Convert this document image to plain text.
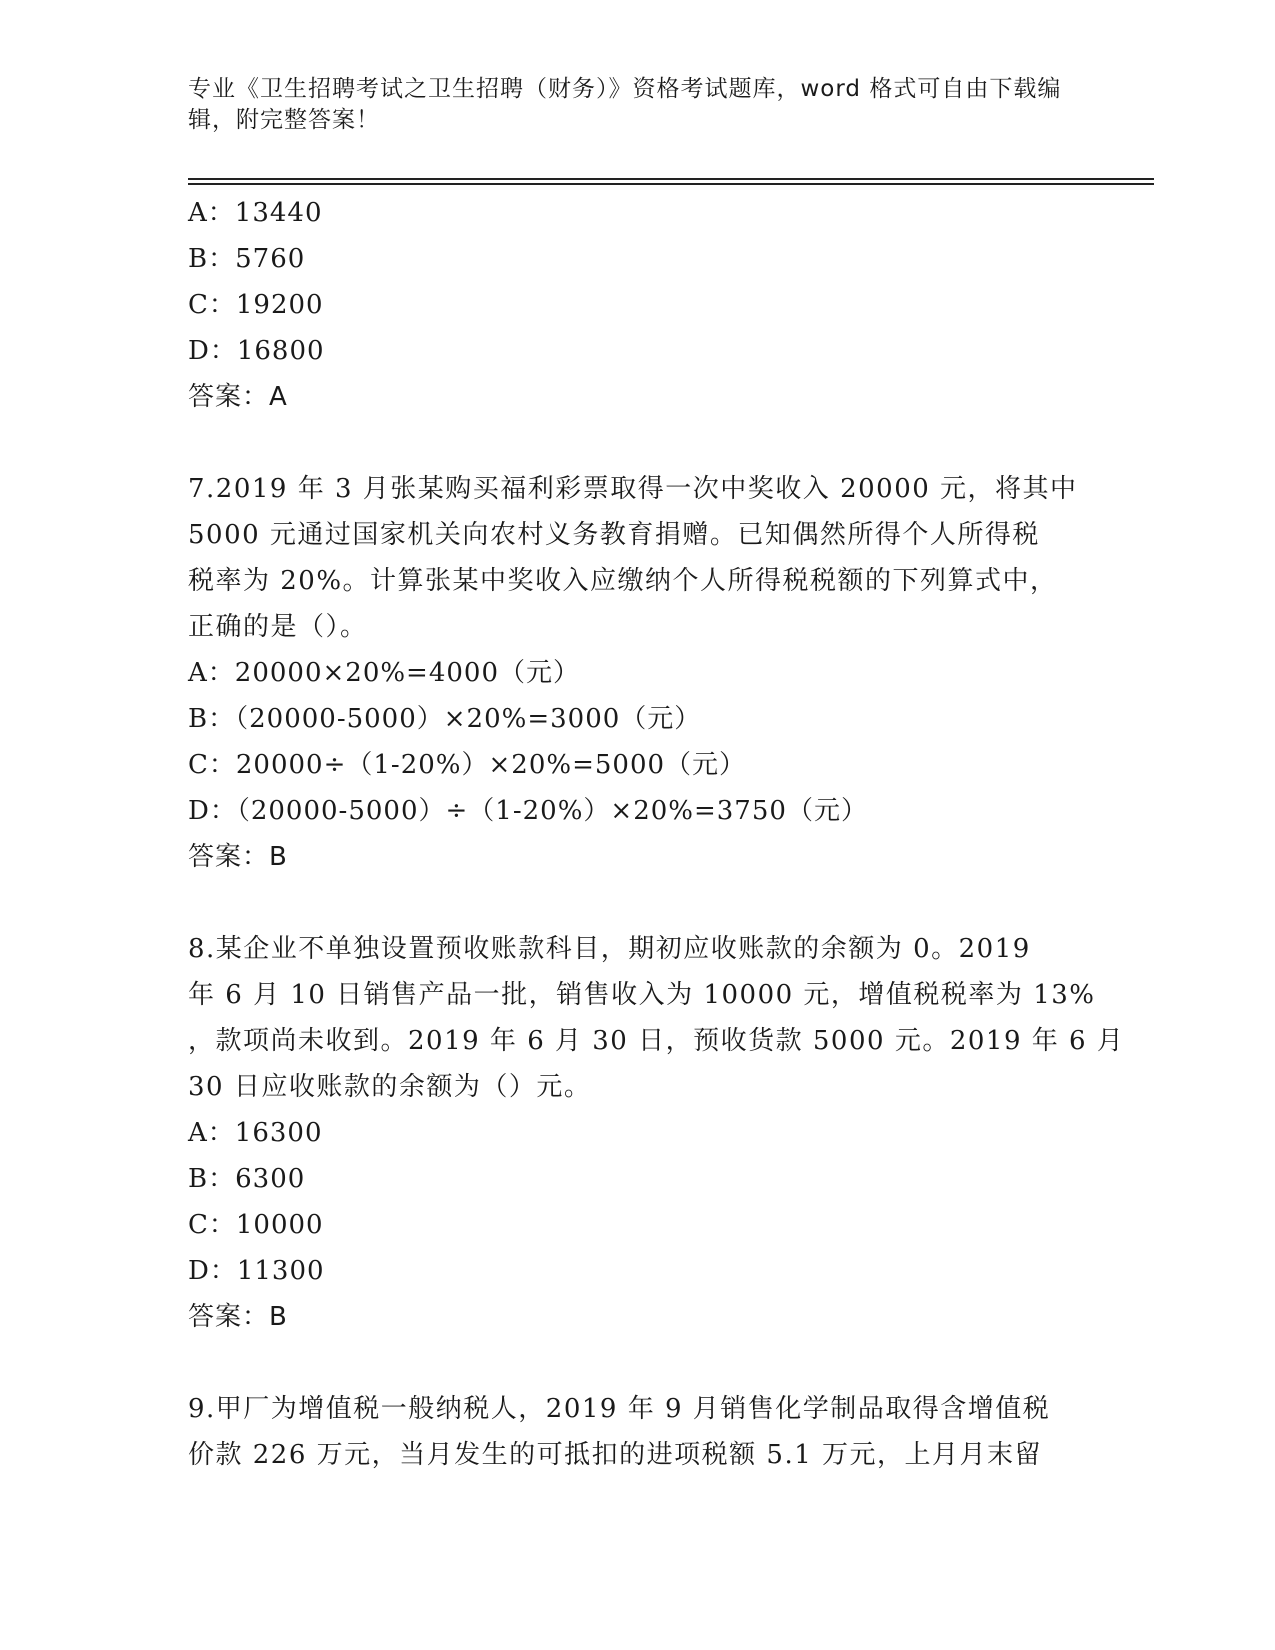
专业《卫生招聘考试之卫生招聘（财务）》资格考试题库，word 格式可自由下载编辑，附完整答案！
A：13440
B：5760
C：19200
D：16800
答案：A
7.2019 年 3 月张某购买福利彩票取得一次中奖收入 20000 元，将其中
5000 元通过国家机关向农村义务教育捐赠。已知偶然所得个人所得税
税率为 20%。计算张某中奖收入应缴纳个人所得税税额的下列算式中，
正确的是（）。
A：20000×20%=4000（元）
B：（20000-5000）×20%=3000（元）
C：20000÷（1-20%）×20%=5000（元）
D：（20000-5000）÷（1-20%）×20%=3750（元）
答案：B
8.某企业不单独设置预收账款科目，期初应收账款的余额为 0。2019
年 6 月 10 日销售产品一批，销售收入为 10000 元，增值税税率为 13%
，款项尚未收到。2019 年 6 月 30 日，预收货款 5000 元。2019 年 6 月
30 日应收账款的余额为（）元。
A：16300
B：6300
C：10000
D：11300
答案：B
9.甲厂为增值税一般纳税人，2019 年 9 月销售化学制品取得含增值税
价款 226 万元，当月发生的可抵扣的进项税额 5.1 万元，上月月末留
